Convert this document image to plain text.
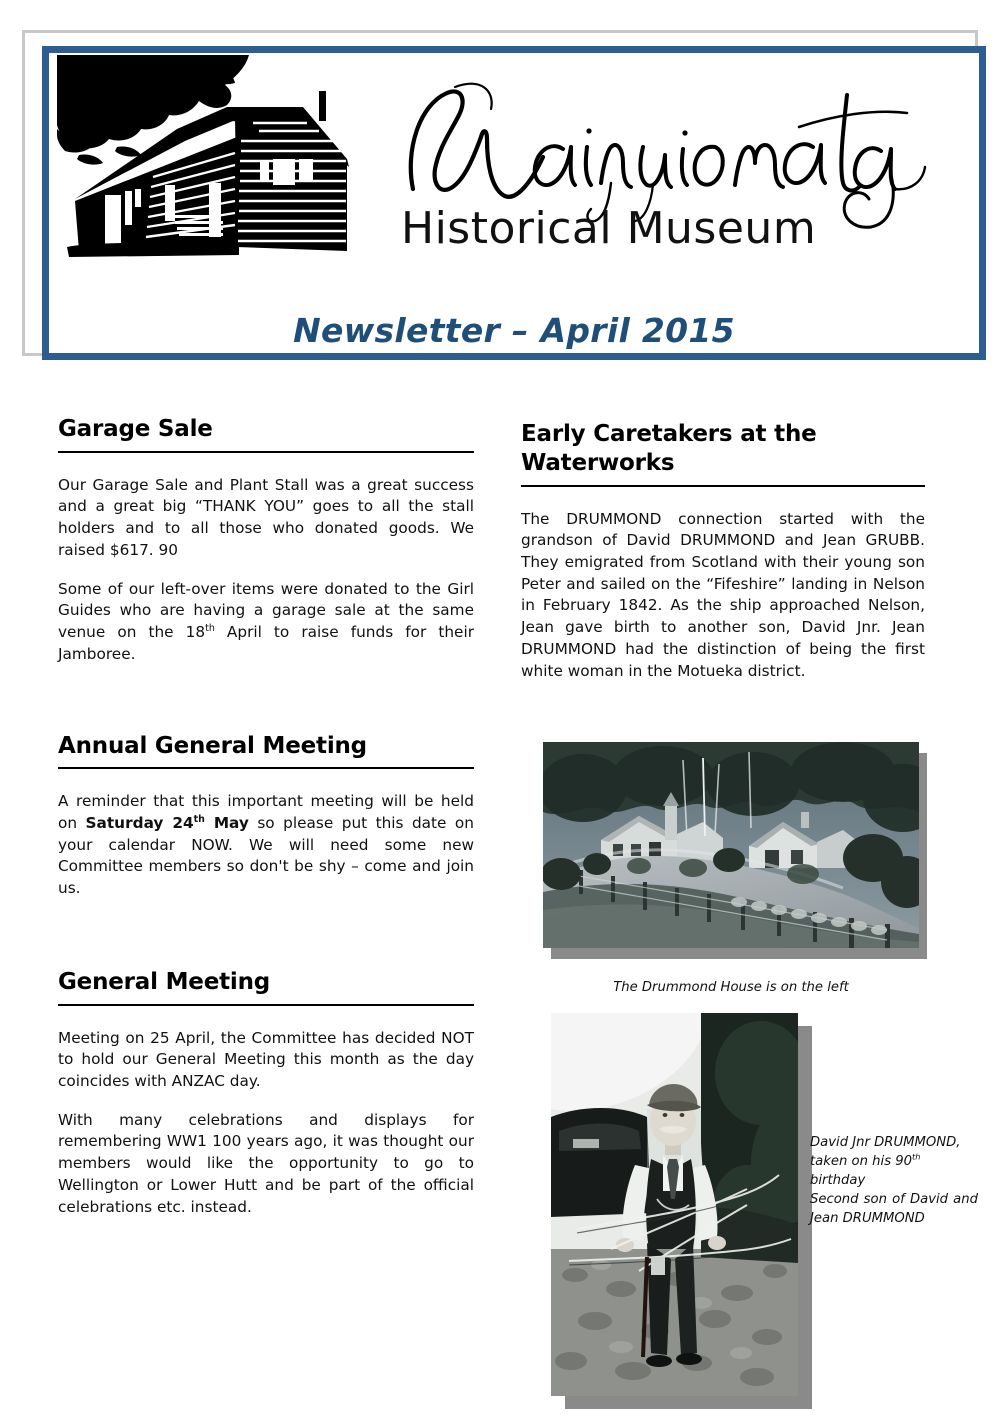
Historical Museum
Newsletter – April 2015
Garage Sale

Our Garage Sale and Plant Stall was a great success and a great big “THANK YOU” goes to all the stall holders and to all those who donated goods. We raised $617. 90

Some of our left-over items were donated to the Girl Guides who are having a garage sale at the same venue on the 18th April to raise funds for their Jamboree.

Annual General Meeting

A reminder that this important meeting will be held on Saturday 24th May so please put this date on your calendar NOW. We will need some new Committee members so don't be shy – come and join us.

General Meeting

Meeting on 25 April, the Committee has decided NOT to hold our General Meeting this month as the day coincides with ANZAC day.

With many celebrations and displays for remembering WW1 100 years ago, it was thought our members would like the opportunity to go to Wellington or Lower Hutt and be part of the official celebrations etc. instead.

Early Caretakers at the Waterworks

The DRUMMOND connection started with the grandson of David DRUMMOND and Jean GRUBB. They emigrated from Scotland with their young son Peter and sailed on the “Fifeshire” landing in Nelson in February 1842. As the ship approached Nelson, Jean gave birth to another son, David Jnr. Jean DRUMMOND had the distinction of being the first white woman in the Motueka district.

The Drummond House is on the left
David Jnr DRUMMOND,
taken on his 90th birthday
Second son of David and Jean DRUMMOND
